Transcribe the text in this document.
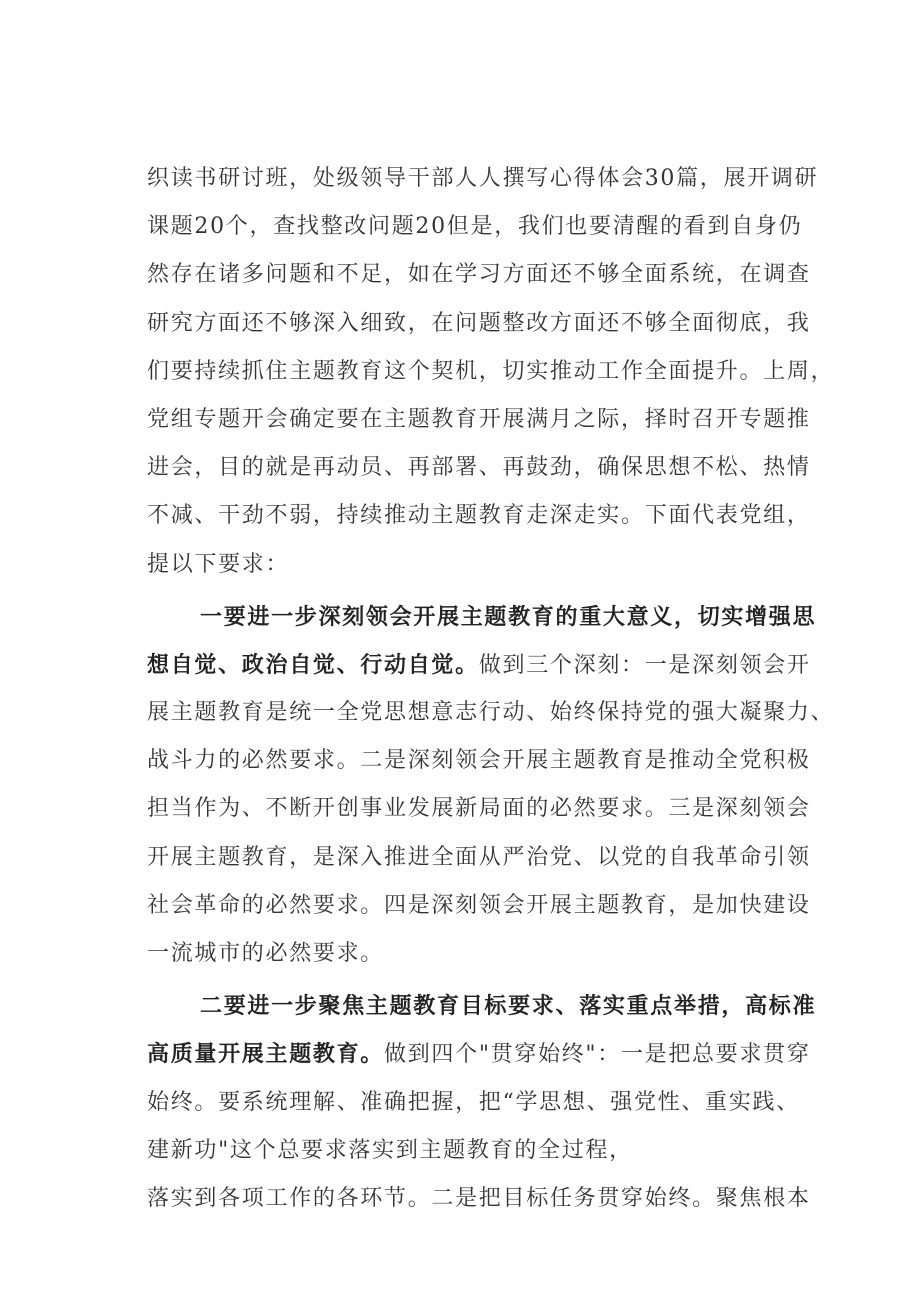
织读书研讨班，处级领导干部人人撰写心得体会30篇，展开调研
课题20个，查找整改问题20但是，我们也要清醒的看到自身仍
然存在诸多问题和不足，如在学习方面还不够全面系统，在调查
研究方面还不够深入细致，在问题整改方面还不够全面彻底，我
们要持续抓住主题教育这个契机，切实推动工作全面提升。上周，
党组专题开会确定要在主题教育开展满月之际，择时召开专题推
进会，目的就是再动员、再部署、再鼓劲，确保思想不松、热情
不减、干劲不弱，持续推动主题教育走深走实。下面代表党组，
提以下要求：
一要进一步深刻领会开展主题教育的重大意义，切实增强思
想自觉、政治自觉、行动自觉。做到三个深刻：一是深刻领会开
展主题教育是统一全党思想意志行动、始终保持党的强大凝聚力、
战斗力的必然要求。二是深刻领会开展主题教育是推动全党积极
担当作为、不断开创事业发展新局面的必然要求。三是深刻领会
开展主题教育，是深入推进全面从严治党、以党的自我革命引领
社会革命的必然要求。四是深刻领会开展主题教育，是加快建设
一流城市的必然要求。
二要进一步聚焦主题教育目标要求、落实重点举措，高标准
高质量开展主题教育。做到四个"贯穿始终"：一是把总要求贯穿
始终。要系统理解、准确把握，把“学思想、强党性、重实践、
建新功"这个总要求落实到主题教育的全过程，
落实到各项工作的各环节。二是把目标任务贯穿始终。聚焦根本
